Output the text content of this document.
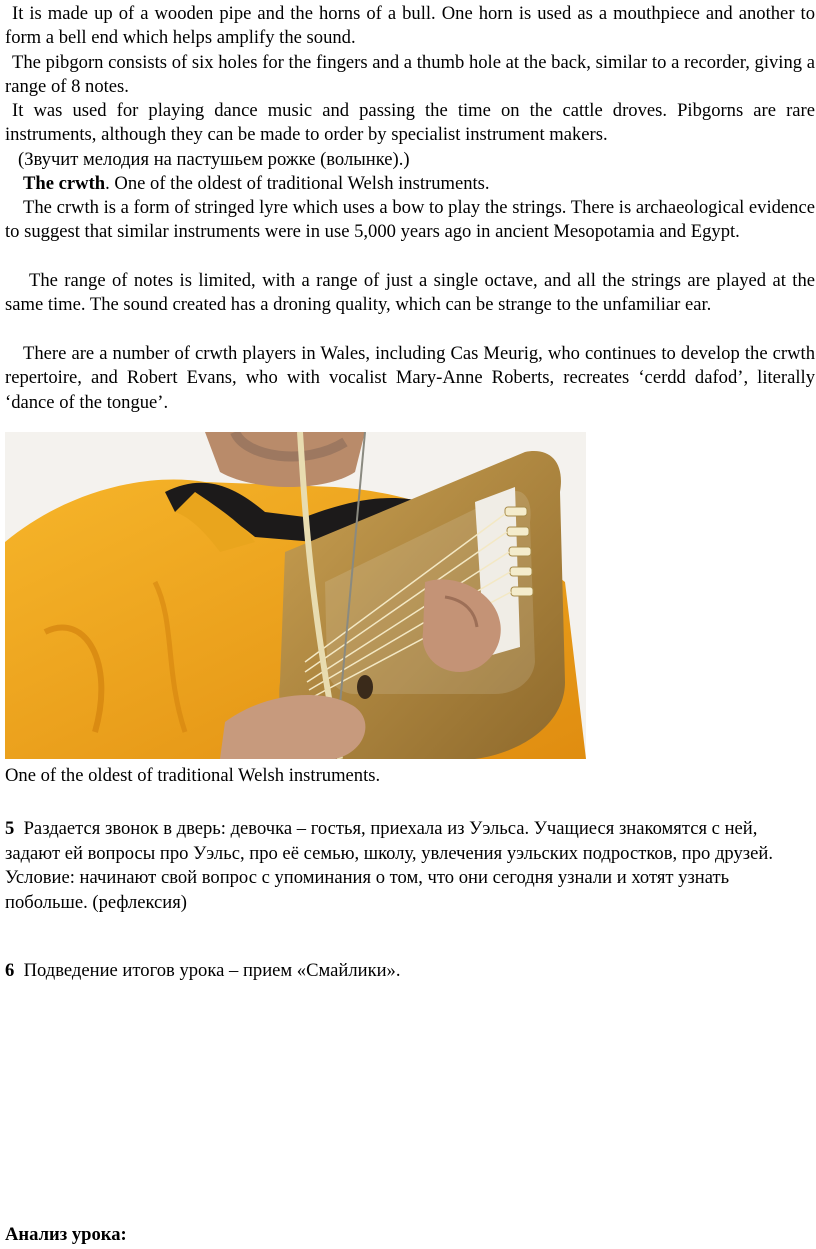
It is made up of a wooden pipe and the horns of a bull. One horn is used as a mouthpiece and another to form a bell end which helps amplify the sound.

The pibgorn consists of six holes for the fingers and a thumb hole at the back, similar to a recorder, giving a range of 8 notes.

It was used for playing dance music and passing the time on the cattle droves. Pibgorns are rare instruments, although they can be made to order by specialist instrument makers.

(Звучит мелодия на пастушьем рожке (волынке).)

The crwth. One of the oldest of traditional Welsh instruments.

The crwth is a form of stringed lyre which uses a bow to play the strings. There is archaeological evidence to suggest that similar instruments were in use 5,000 years ago in ancient Mesopotamia and Egypt.

The range of notes is limited, with a range of just a single octave, and all the strings are played at the same time. The sound created has a droning quality, which can be strange to the unfamiliar ear.

There are a number of crwth players in Wales, including Cas Meurig, who continues to develop the crwth repertoire, and Robert Evans, who with vocalist Mary-Anne Roberts, recreates ‘cerdd dafod’, literally ‘dance of the tongue’.

One of the oldest of traditional Welsh instruments.

5 Раздается звонок в дверь: девочка – гостья, приехала из Уэльса. Учащиеся знакомятся с ней, задают ей вопросы про Уэльс, про её семью, школу, увлечения уэльских подростков, про друзей. Условие: начинают свой вопрос с упоминания о том, что они сегодня узнали и хотят узнать побольше. (рефлексия)

6 Подведение итогов урока – прием «Смайлики».

Анализ урока:
